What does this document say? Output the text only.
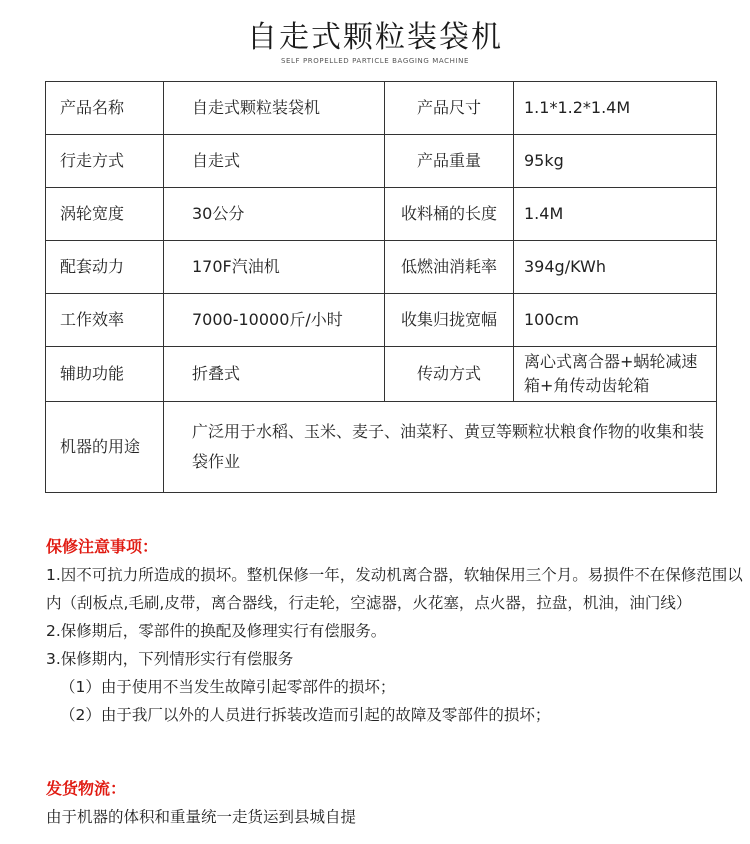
自走式颗粒装袋机
SELF PROPELLED PARTICLE BAGGING MACHINE
产品名称	自走式颗粒装袋机	产品尺寸	1.1*1.2*1.4M
行走方式	自走式	产品重量	95kg
涡轮宽度	30公分	收料桶的长度	1.4M
配套动力	170F汽油机	低燃油消耗率	394g/KWh
工作效率	7000-10000斤/小时	收集归拢宽幅	100cm
辅助功能	折叠式	传动方式	离心式离合器+蜗轮减速箱+角传动齿轮箱
机器的用途	广泛用于水稻、玉米、麦子、油菜籽、黄豆等颗粒状粮食作物的收集和装袋作业		
保修注意事项：
1.因不可抗力所造成的损坏。整机保修一年，发动机离合器，软轴保用三个月。易损件不在保修范围以内（刮板点,毛刷,皮带，离合器线，行走轮，空滤器，火花塞，点火器，拉盘，机油，油门线）
2.保修期后，零部件的换配及修理实行有偿服务。
3.保修期内，下列情形实行有偿服务
（1）由于使用不当发生故障引起零部件的损坏；
（2）由于我厂以外的人员进行拆装改造而引起的故障及零部件的损坏；
发货物流：
由于机器的体积和重量统一走货运到县城自提
